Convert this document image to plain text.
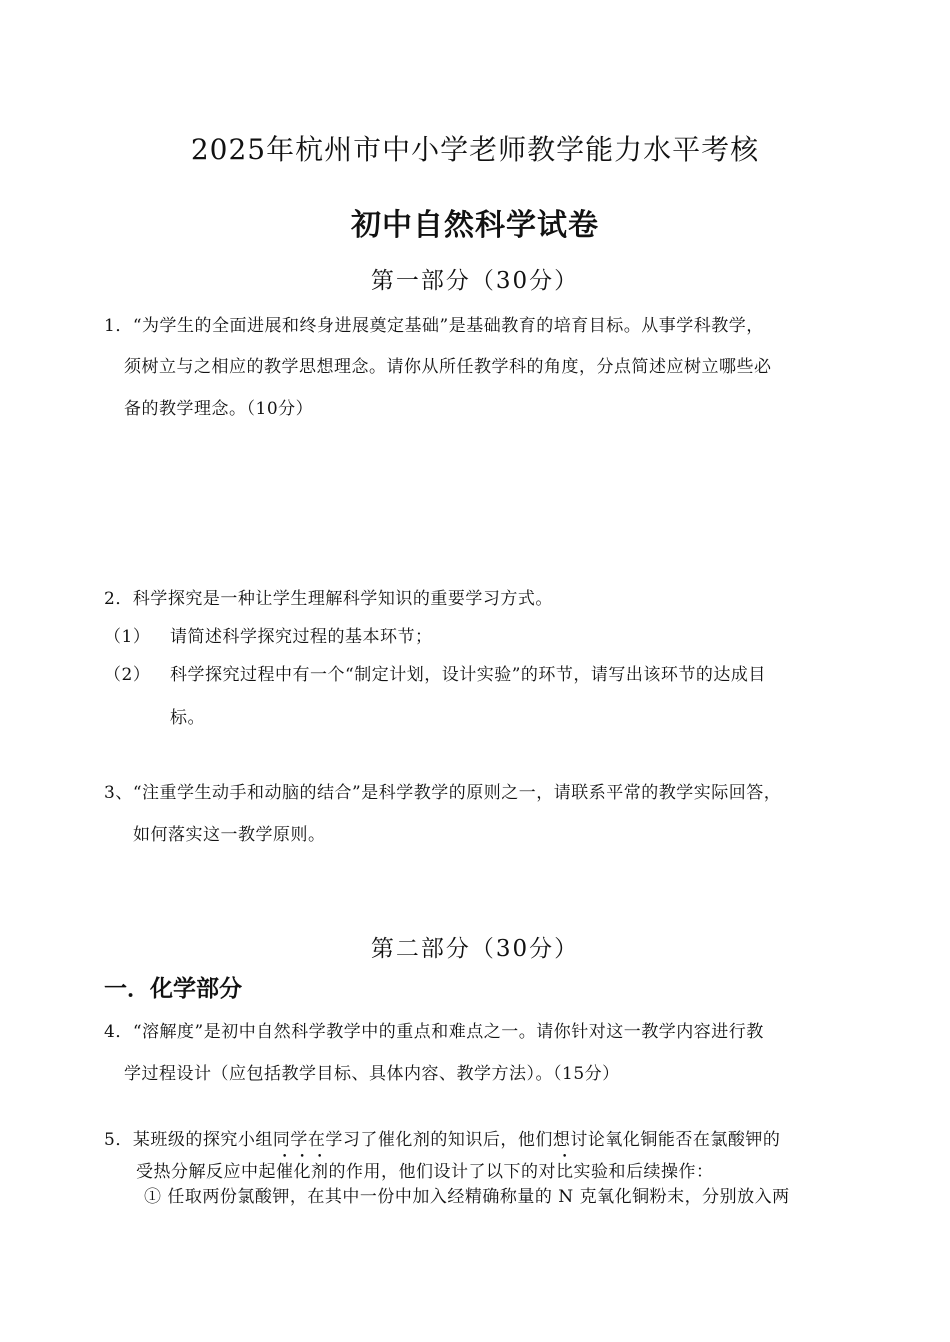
2025年杭州市中小学老师教学能力水平考核
初中自然科学试卷
第一部分（30分）
1．“为学生的全面进展和终身进展奠定基础”是基础教育的培育目标。从事学科教学，
须树立与之相应的教学思想理念。请你从所任教学科的角度，分点简述应树立哪些必
备的教学理念。（10分）
2．科学探究是一种让学生理解科学知识的重要学习方式。
（1） 请简述科学探究过程的基本环节；
（2） 科学探究过程中有一个“制定计划，设计实验”的环节，请写出该环节的达成目
标。
3、“注重学生动手和动脑的结合”是科学教学的原则之一，请联系平常的教学实际回答，
如何落实这一教学原则。
第二部分（30分）
一．化学部分
4．“溶解度”是初中自然科学教学中的重点和难点之一。请你针对这一教学内容进行教
学过程设计（应包括教学目标、具体内容、教学方法）。（15分）
5．某班级的探究小组同学在学习了催化剂的知识后，他们想讨论氧化铜能否在氯酸钾的
受热分解反应中起催化剂的作用，他们设计了以下的对比实验和后续操作：
① 任取两份氯酸钾，在其中一份中加入经精确称量的 N 克氧化铜粉末，分别放入两
